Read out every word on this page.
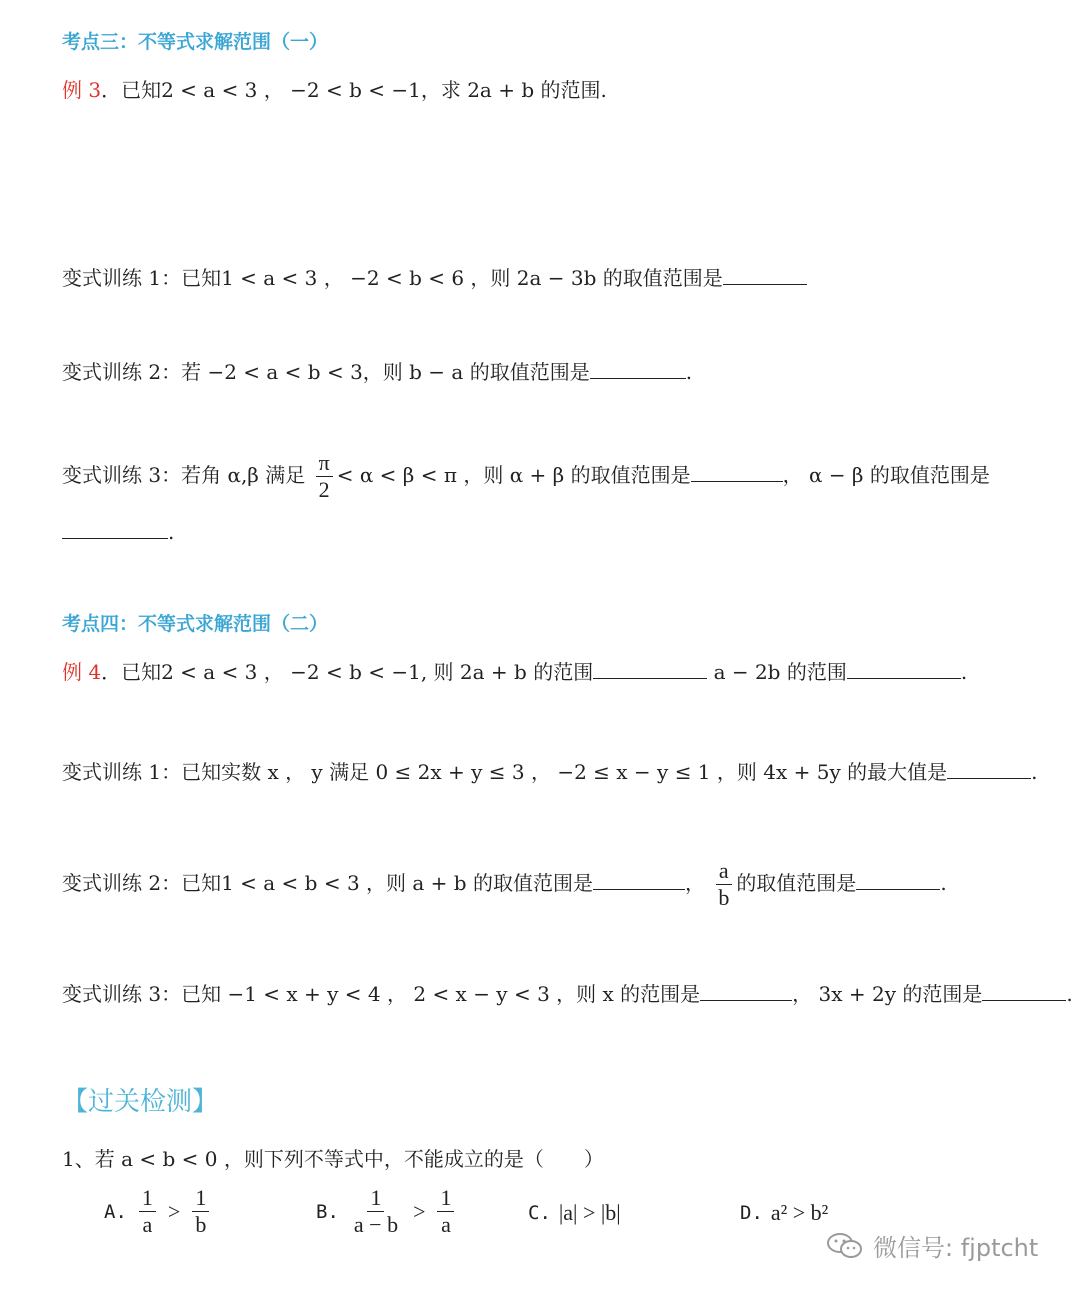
考点三：不等式求解范围（一）
例 3．已知2 < a < 3 ， −2 < b < −1，求 2a + b 的范围.
变式训练 1：已知1 < a < 3 ， −2 < b < 6 ，则 2a − 3b 的取值范围是
变式训练 2：若 −2 < a < b < 3，则 b − a 的取值范围是	.
变式训练 3：若角 α,β 满足 $\frac{\pi}{2} < \alpha < \beta < \pi$ ，则 α + β 的取值范围是	， α − β 的取值范围是
.
考点四：不等式求解范围（二）
例 4．已知2 < a < 3 ， −2 < b < −1, 则 2a + b 的范围	a − 2b 的范围	.
变式训练 1：已知实数 x ， y 满足 0 ≤ 2x + y ≤ 3 ， −2 ≤ x − y ≤ 1 ，则 4x + 5y 的最大值是	.
变式训练 2：已知1 < a < b < 3 ，则 a + b 的取值范围是	， $\frac{a}{b}$ 的取值范围是	.
变式训练 3：已知 −1 < x + y < 4 ， 2 < x − y < 3 ，则 x 的范围是	， 3x + 2y 的范围是	.
【过关检测】
1、若 a < b < 0 ，则下列不等式中，不能成立的是（　　）
A. $\frac{1}{a} > \frac{1}{b}$	B. $\frac{1}{a - b} > \frac{1}{a}$	C. |a| > |b|	D. a² > b²
微信号: fjptcht
